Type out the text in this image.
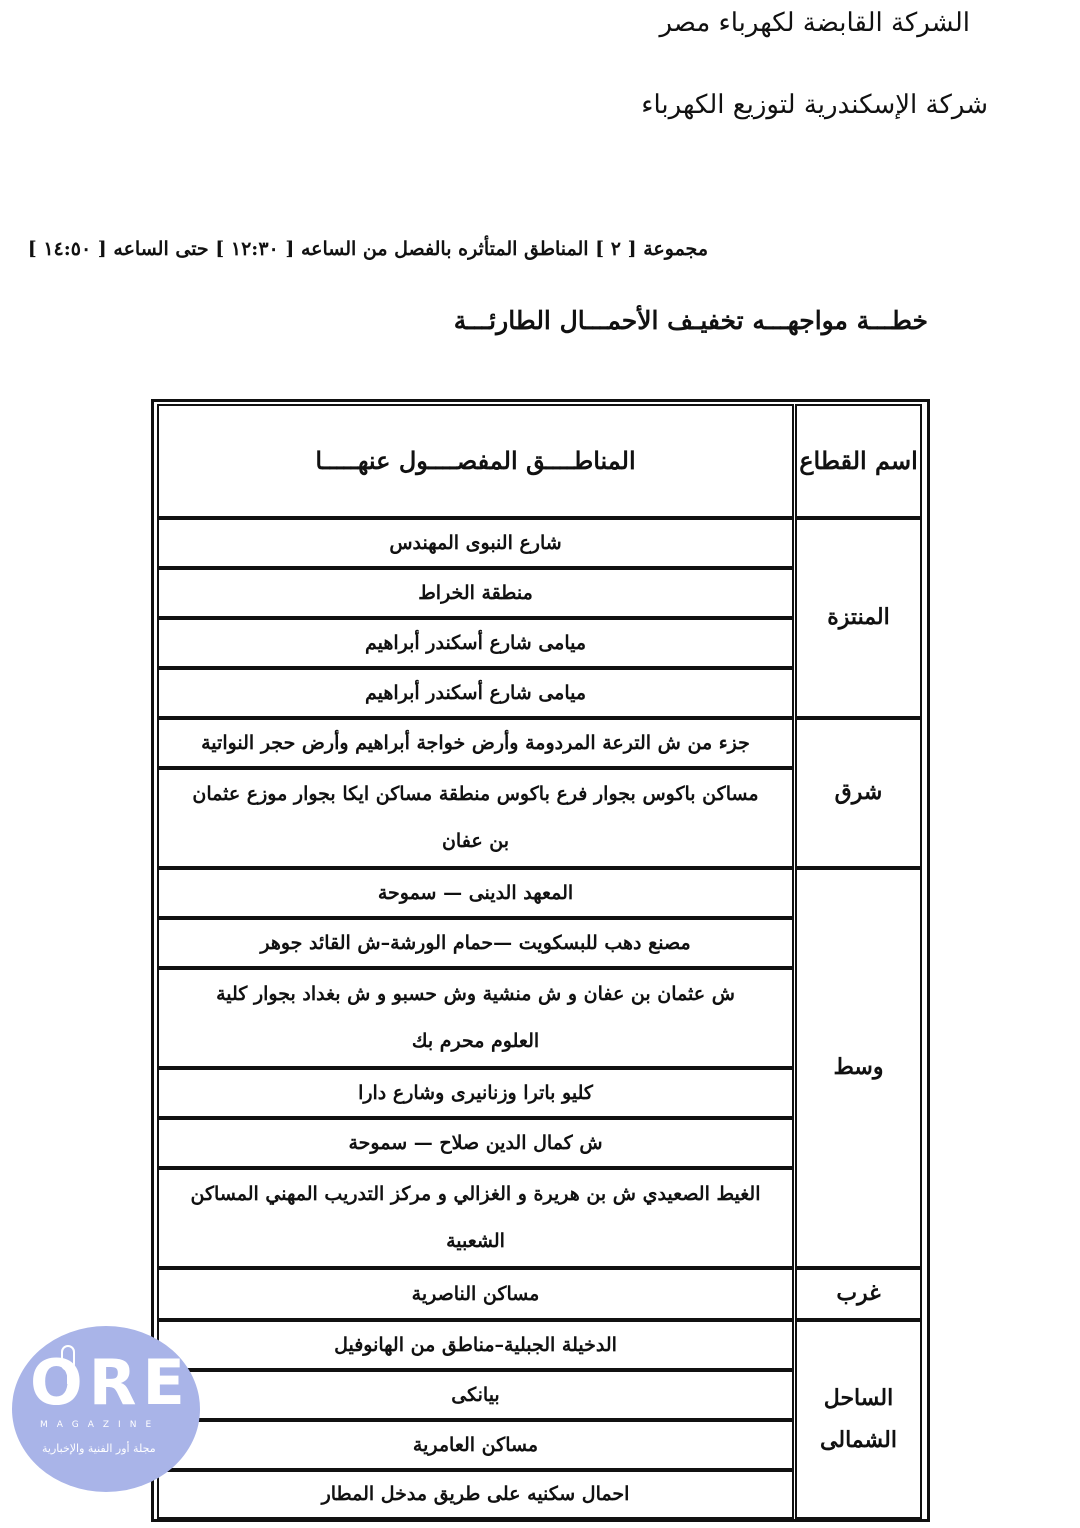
الشركة القابضة لكهرباء مصر
شركة الإسكندرية لتوزيع الكهرباء
مجموعة [ ٢ ] المناطق المتأثره بالفصل من الساعه [ ١٢:٣٠ ] حتى الساعه [ ١٤:٥٠ ]
خطـــة مواجهـــه تخفيـف الأحمـــال الطارئـــة
اسم القطاع
المناطــــق المفصــــول عنهـــــا
المنتزة
شارع النبوى المهندس
منطقة الخراط
ميامى شارع أسكندر أبراهيم
ميامى شارع أسكندر أبراهيم
شرق
جزء من ش الترعة المردومة وأرض خواجة أبراهيم وأرض حجر النواتية
مساكن باكوس بجوار فرع باكوس منطقة مساكن ايكا بجوار موزع عثمان بن عفان
وسط
المعهد الدينى — سموحة
مصنع دهب للبسكويت —حمام الورشة–ش القائد جوهر
ش عثمان بن عفان و ش منشية وش حسبو و ش بغداد بجوار كلية العلوم محرم بك
كليو باترا وزنانيرى وشارع دارا
ش كمال الدين صلاح — سموحة
الغيط الصعيدي ش بن هريرة و الغزالي و مركز التدريب المهني المساكن الشعبية
غرب
مساكن الناصرية
الساحل الشمالى
الدخيلة الجبلية–مناطق من الهانوفيل
بيانكى
مساكن العامرية
احمال سكنيه على طريق مدخل المطار
ORE
MAGAZINE
مجلة أور الفنية والإخبارية
